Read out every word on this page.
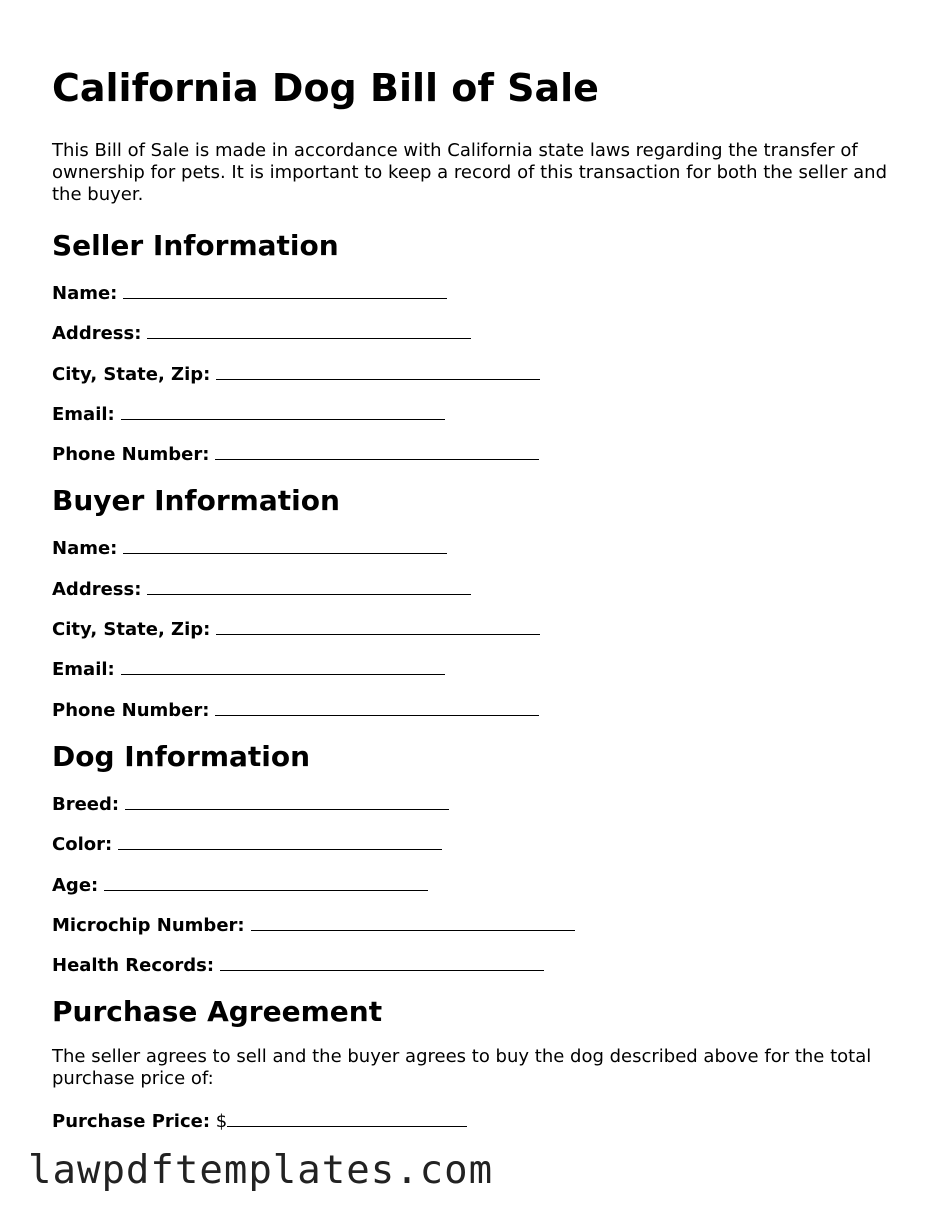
California Dog Bill of Sale

This Bill of Sale is made in accordance with California state laws regarding the transfer of ownership for pets. It is important to keep a record of this transaction for both the seller and the buyer.

Seller Information
Name:
Address:
City, State, Zip:
Email:
Phone Number:
Buyer Information
Name:
Address:
City, State, Zip:
Email:
Phone Number:
Dog Information
Breed:
Color:
Age:
Microchip Number:
Health Records:
Purchase Agreement

The seller agrees to sell and the buyer agrees to buy the dog described above for the total purchase price of:

Purchase Price: $
lawpdftemplates.com
